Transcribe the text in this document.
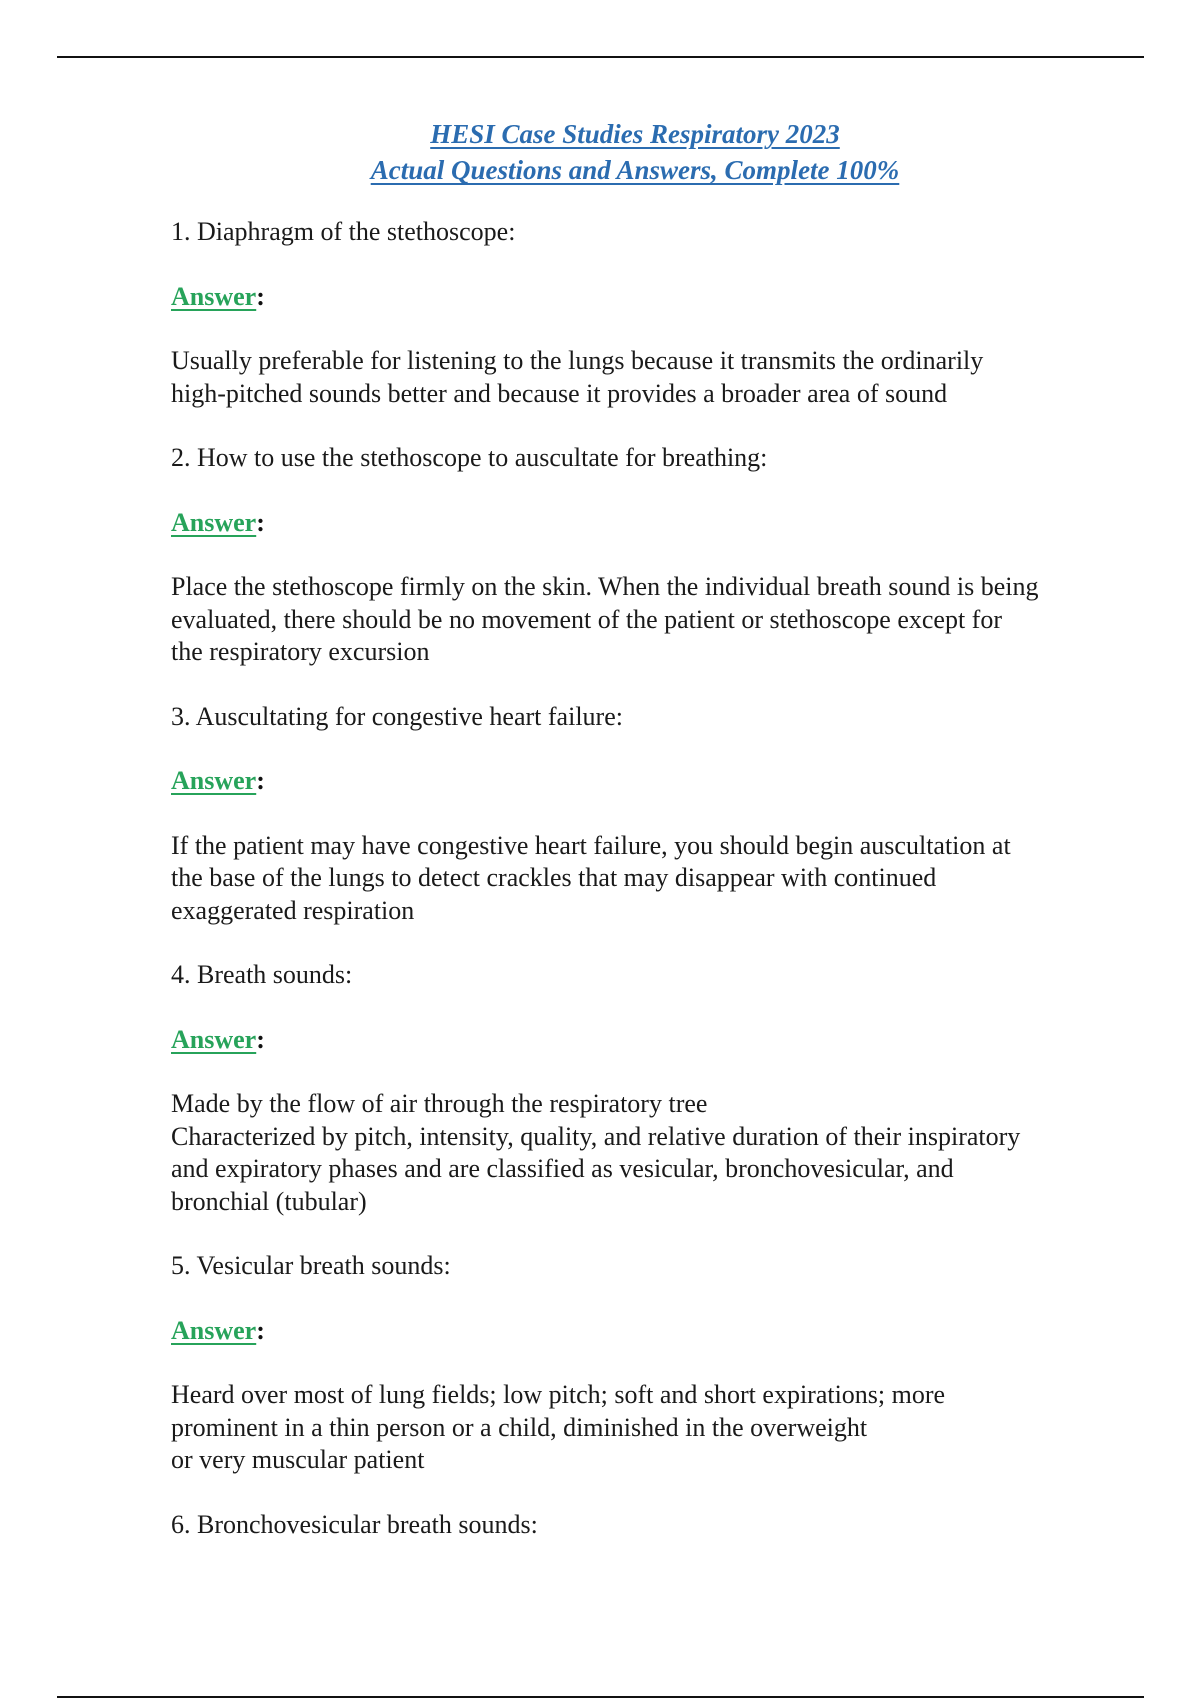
HESI Case Studies Respiratory 2023
Actual Questions and Answers, Complete 100%
1. Diaphragm of the stethoscope:
Answer:
Usually preferable for listening to the lungs because it transmits the ordinarily
high-pitched sounds better and because it provides a broader area of sound
2. How to use the stethoscope to auscultate for breathing:
Answer:
Place the stethoscope firmly on the skin. When the individual breath sound is being
evaluated, there should be no movement of the patient or stethoscope except for
the respiratory excursion
3. Auscultating for congestive heart failure:
Answer:
If the patient may have congestive heart failure, you should begin auscultation at
the base of the lungs to detect crackles that may disappear with continued
exaggerated respiration
4. Breath sounds:
Answer:
Made by the flow of air through the respiratory tree
Characterized by pitch, intensity, quality, and relative duration of their inspiratory
and expiratory phases and are classified as vesicular, bronchovesicular, and
bronchial (tubular)
5. Vesicular breath sounds:
Answer:
Heard over most of lung fields; low pitch; soft and short expirations; more
prominent in a thin person or a child, diminished in the overweight
or very muscular patient
6. Bronchovesicular breath sounds:
